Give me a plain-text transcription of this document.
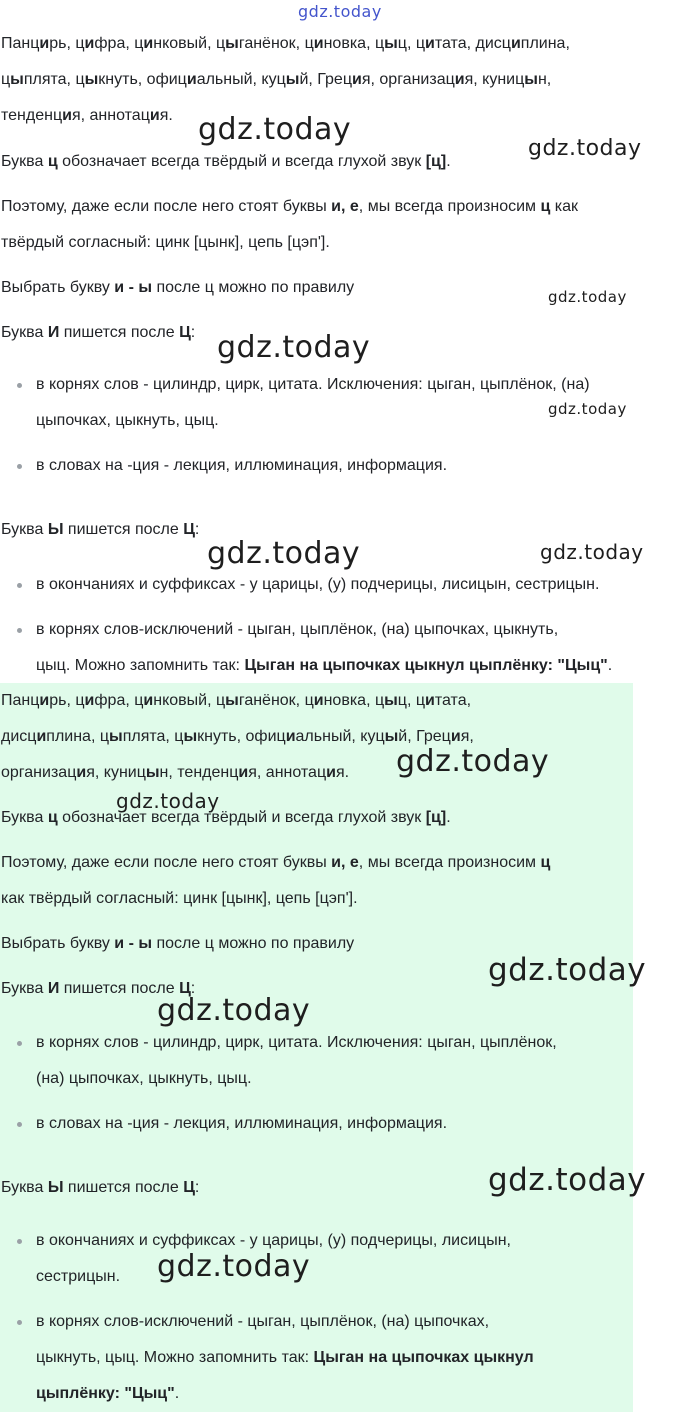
gdz.today
Панцирь, цифра, цинковый, цыганёнок, циновка, цыц, цитата, дисциплина,
цыплята, цыкнуть, официальный, куцый, Греция, организация, куницын,
тенденция, аннотация.
Буква ц обозначает всегда твёрдый и всегда глухой звук [ц].
Поэтому, даже если после него стоят буквы и, е, мы всегда произносим ц как
твёрдый согласный: цинк [цынк], цепь [цэп'].
Выбрать букву и - ы после ц можно по правилу
Буква И пишется после Ц:
в корнях слов - цилиндр, цирк, цитата. Исключения: цыган, цыплёнок, (на)
цыпочках, цыкнуть, цыц.
в словах на -ция - лекция, иллюминация, информация.
Буква Ы пишется после Ц:
в окончаниях и суффиксах - у царицы, (у) подчерицы, лисицын, сестрицын.
в корнях слов-исключений - цыган, цыплёнок, (на) цыпочках, цыкнуть,
цыц. Можно запомнить так: Цыган на цыпочках цыкнул цыплёнку: "Цыц".
Панцирь, цифра, цинковый, цыганёнок, циновка, цыц, цитата,
дисциплина, цыплята, цыкнуть, официальный, куцый, Греция,
организация, куницын, тенденция, аннотация.
Буква ц обозначает всегда твёрдый и всегда глухой звук [ц].
Поэтому, даже если после него стоят буквы и, е, мы всегда произносим ц
как твёрдый согласный: цинк [цынк], цепь [цэп'].
Выбрать букву и - ы после ц можно по правилу
Буква И пишется после Ц:
в корнях слов - цилиндр, цирк, цитата. Исключения: цыган, цыплёнок,
(на) цыпочках, цыкнуть, цыц.
в словах на -ция - лекция, иллюминация, информация.
Буква Ы пишется после Ц:
в окончаниях и суффиксах - у царицы, (у) подчерицы, лисицын,
сестрицын.
в корнях слов-исключений - цыган, цыплёнок, (на) цыпочках,
цыкнуть, цыц. Можно запомнить так: Цыган на цыпочках цыкнул
цыплёнку: "Цыц".
gdz.today
gdz.today
gdz.today
gdz.today
gdz.today
gdz.today	gdz.today
gdz.today
gdz.today
gdz.today
gdz.today
gdz.today
gdz.today
